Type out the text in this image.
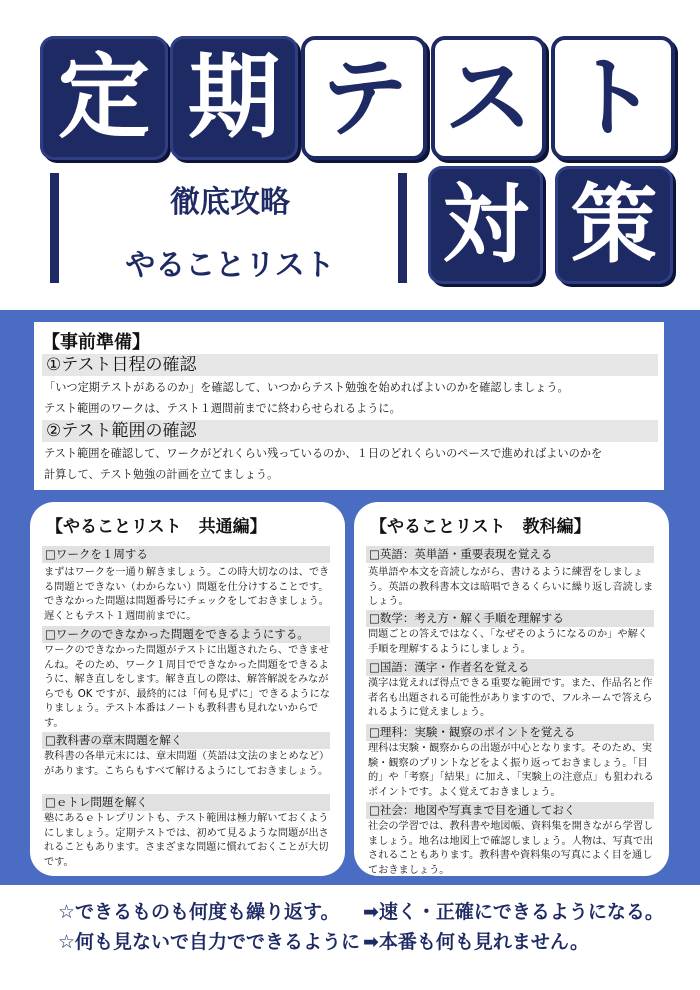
定 期 テ ス ト
徹底攻略
やることリスト	対 策
【事前準備】
①テスト日程の確認
「いつ定期テストがあるのか」を確認して、いつからテスト勉強を始めればよいのかを確認しましょう。
テスト範囲のワークは、テスト１週間前までに終わらせられるように。
②テスト範囲の確認
テスト範囲を確認して、ワークがどれくらい残っているのか、１日のどれくらいのペースで進めればよいのかを
計算して、テスト勉強の計画を立てましょう。
【やることリスト　共通編】
□ワークを１周する
まずはワークを一通り解きましょう。この時大切なのは、できる問題とできない（わからない）問題を仕分けすることです。できなかった問題は問題番号にチェックをしておきましょう。遅くともテスト１週間前までに。
□ワークのできなかった問題をできるようにする。
ワークのできなかった問題がテストに出題されたら、できませんね。そのため、ワーク１周目でできなかった問題をできるように、解き直しをします。解き直しの際は、解答解説をみながらでも OK ですが、最終的には「何も見ずに」できるようになりましょう。テスト本番はノートも教科書も見れないからです。
□教科書の章末問題を解く
教科書の各単元末には、章末問題（英語は文法のまとめなど）があります。こちらもすべて解けるようにしておきましょう。
□ｅトレ問題を解く
塾にあるｅトレプリントも、テスト範囲は極力解いておくようにしましょう。定期テストでは、初めて見るような問題が出されることもあります。さまざまな問題に慣れておくことが大切です。
【やることリスト　教科編】
□英語：英単語・重要表現を覚える
英単語や本文を音読しながら、書けるように練習をしましょう。英語の教科書本文は暗唱できるくらいに繰り返し音読しましょう。
□数学：考え方・解く手順を理解する
問題ごとの答えではなく、「なぜそのようになるのか」や解く手順を理解するようにしましょう。
□国語：漢字・作者名を覚える
漢字は覚えれば得点できる重要な範囲です。また、作品名と作者名も出題される可能性がありますので、フルネームで答えられるように覚えましょう。
□理科：実験・観察のポイントを覚える
理科は実験・観察からの出題が中心となります。そのため、実験・観察のプリントなどをよく振り返っておきましょう。「目的」や「考察」「結果」に加え、「実験上の注意点」も狙われるポイントです。よく覚えておきましょう。
□社会：地図や写真まで目を通しておく
社会の学習では、教科書や地図帳、資料集を開きながら学習しましょう。地名は地図上で確認しましょう。人物は、写真で出されることもあります。教科書や資料集の写真によく目を通しておきましょう。
☆できるものも何度も繰り返す。 ➡速く・正確にできるようになる。
☆何も見ないで自力でできるように ➡本番も何も見れません。
